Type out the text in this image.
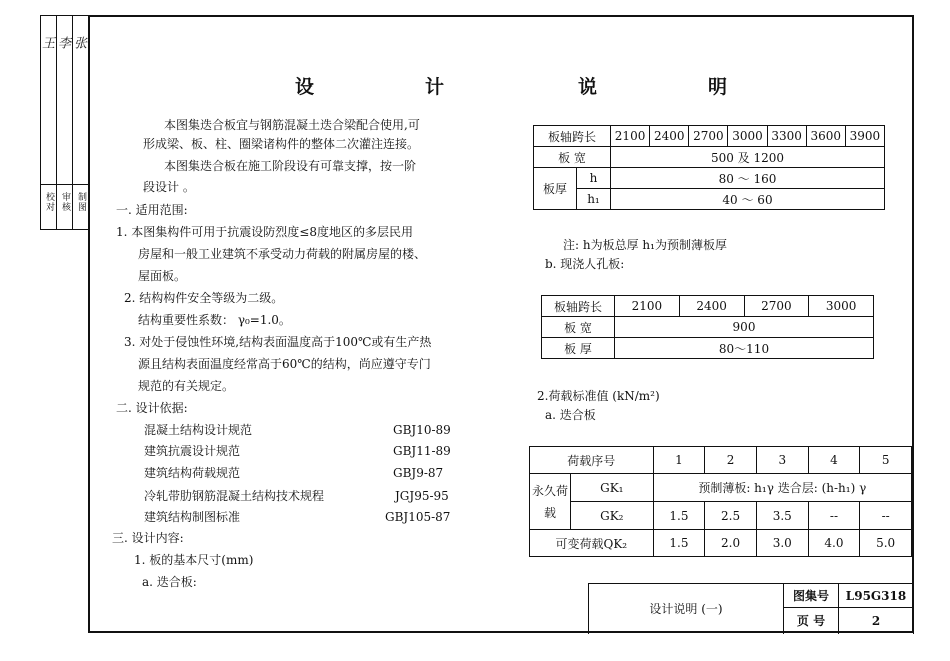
校对 审核 制图
王 李 张
设	计	说	明
本图集迭合板宜与钢筋混凝土迭合梁配合使用,可
形成梁、板、柱、圈梁诸构件的整体二次灌注连接。
本图集迭合板在施工阶段设有可靠支撑，按一阶
段设计 。
一. 适用范围:
1. 本图集构件可用于抗震设防烈度≤8度地区的多层民用
房屋和一般工业建筑不承受动力荷载的附属房屋的楼、
屋面板。
2. 结构构件安全等级为二级。
结构重要性系数： γ₀=1.0。
3. 对处于侵蚀性环境,结构表面温度高于100℃或有生产热
源且结构表面温度经常高于60℃的结构，尚应遵守专门
规范的有关规定。
二. 设计依据:
混凝土结构设计规范	GBJ10-89
建筑抗震设计规范	GBJ11-89
建筑结构荷载规范	GBJ9-87
冷轧带肋钢筋混凝土结构技术规程	JGJ95-95
建筑结构制图标准	GBJ105-87
三. 设计内容:
1. 板的基本尺寸(mm)
a. 迭合板:
板轴跨长		2100	2400	2700	3000	3300	3600	3900
板 宽		500 及 1200						
板厚	h	80 ～ 160						
	h₁	40 ～ 60						
注: h为板总厚 h₁为预制薄板厚
b. 现浇人孔板:
板轴跨长	2100	2400	2700	3000
板 宽	900			
板 厚	80～110			
2.荷载标准值 (kN/m²)
a. 迭合板
荷载序号		1	2	3	4	5
永久荷载	GK₁	预制薄板: h₁γ 迭合层: (h-h₁) γ				
	GK₂	1.5	2.5	3.5	--	--
可变荷载QK₂		1.5	2.0	3.0	4.0	5.0
设计说明 (一)	图集号	L95G318
	页 号	2
